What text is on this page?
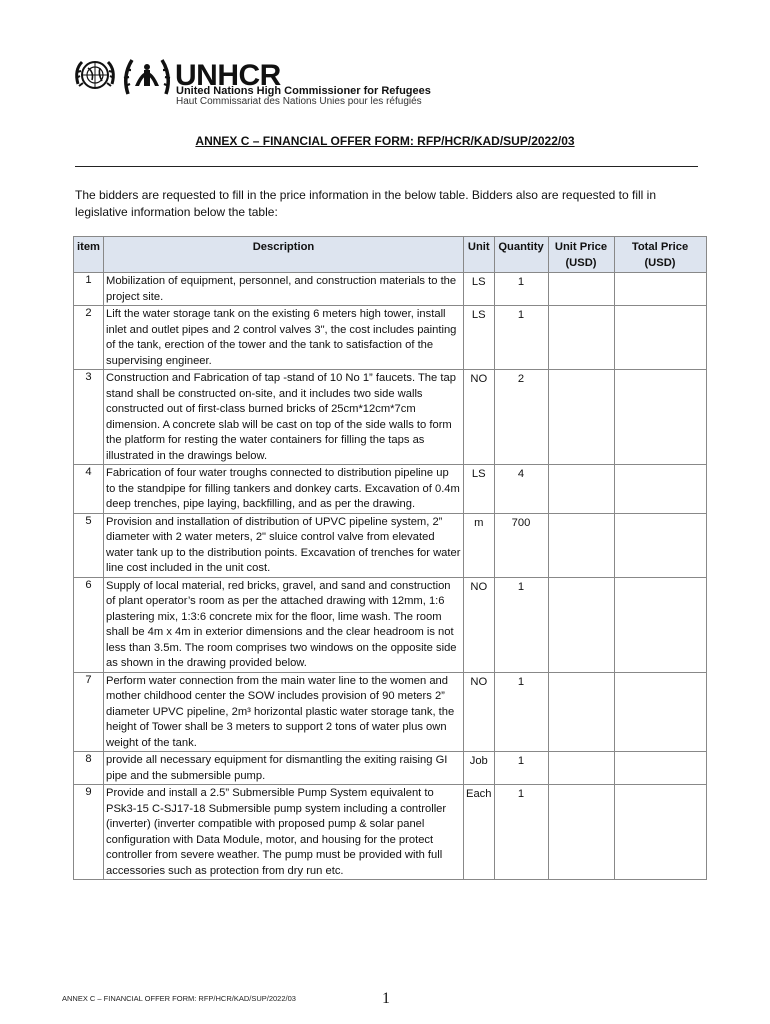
UNHCR
United Nations High Commissioner for Refugees
Haut Commissariat des Nations Unies pour les réfugiés
ANNEX C – FINANCIAL OFFER FORM: RFP/HCR/KAD/SUP/2022/03
The bidders are requested to fill in the price information in the below table. Bidders also are requested to fill in legislative information below the table:
item	Description	Unit	Quantity	Unit Price (USD)	Total Price (USD)
1	Mobilization of equipment, personnel, and construction materials to the project site.	LS	1		
2	Lift the water storage tank on the existing 6 meters high tower, install inlet and outlet pipes and 2 control valves 3", the cost includes painting of the tank, erection of the tower and the tank to satisfaction of the supervising engineer.	LS	1		
3	Construction and Fabrication of tap -stand of 10 No 1” faucets. The tap stand shall be constructed on-site, and it includes two side walls constructed out of first-class burned bricks of 25cm*12cm*7cm dimension. A concrete slab will be cast on top of the side walls to form the platform for resting the water containers for filling the taps as illustrated in the drawings below.	NO	2		
4	Fabrication of four water troughs connected to distribution pipeline up to the standpipe for filling tankers and donkey carts. Excavation of 0.4m deep trenches, pipe laying, backfilling, and as per the drawing.	LS	4		
5	Provision and installation of distribution of UPVC pipeline system, 2” diameter with 2 water meters, 2" sluice control valve from elevated water tank up to the distribution points. Excavation of trenches for water line cost included in the unit cost.	m	700		
6	Supply of local material, red bricks, gravel, and sand and construction of plant operator’s room as per the attached drawing with 12mm, 1:6 plastering mix, 1:3:6 concrete mix for the floor, lime wash. The room shall be 4m x 4m in exterior dimensions and the clear headroom is not less than 3.5m. The room comprises two windows on the opposite side as shown in the drawing provided below.	NO	1		
7	Perform water connection from the main water line to the women and mother childhood center the SOW includes provision of 90 meters 2” diameter UPVC pipeline, 2m³ horizontal plastic water storage tank, the height of Tower shall be 3 meters to support 2 tons of water plus own weight of the tank.	NO	1		
8	provide all necessary equipment for dismantling the exiting raising GI pipe and the submersible pump.	Job	1		
9	Provide and install a 2.5” Submersible Pump System equivalent to PSk3-15 C-SJ17-18 Submersible pump system including a controller (inverter) (inverter compatible with proposed pump & solar panel configuration with Data Module, motor, and housing for the protect controller from severe weather. The pump must be provided with full accessories such as protection from dry run etc.	Each	1		
ANNEX C – FINANCIAL OFFER FORM: RFP/HCR/KAD/SUP/2022/03	1
